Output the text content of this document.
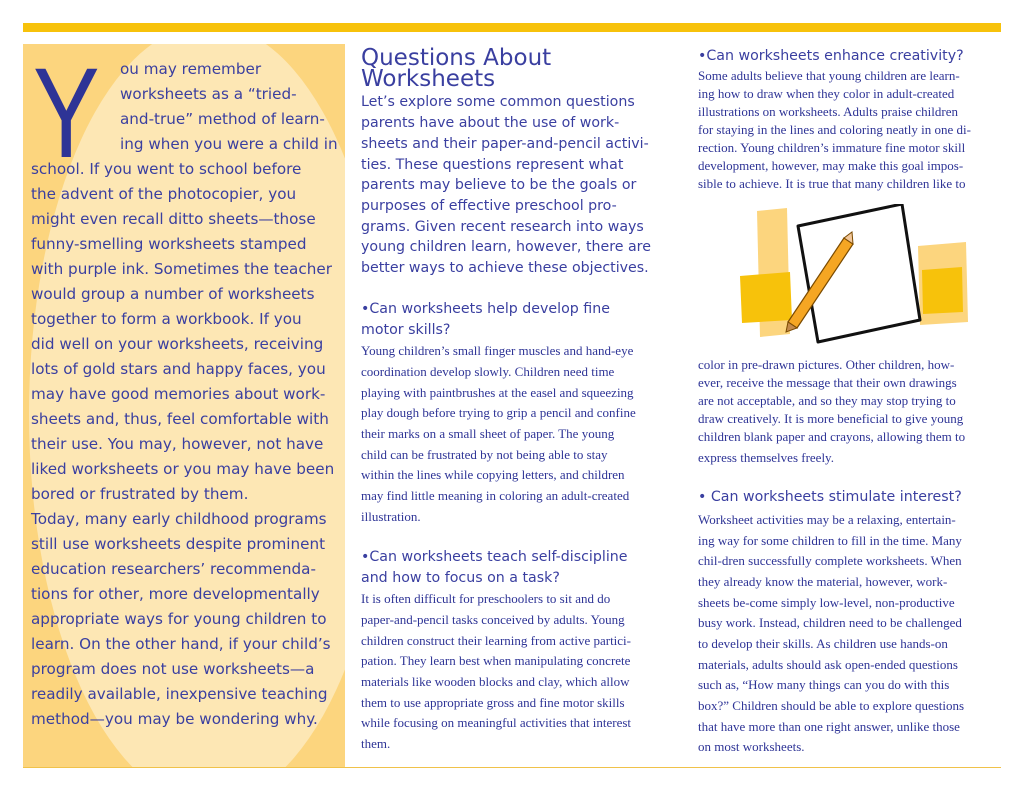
Y ou may remember
worksheets as a “tried-
and-true” method of learn-
ing when you were a child in
school. If you went to school before
the advent of the photocopier, you
might even recall ditto sheets—those
funny-smelling worksheets stamped
with purple ink. Sometimes the teacher
would group a number of worksheets
together to form a workbook. If you
did well on your worksheets, receiving
lots of gold stars and happy faces, you
may have good memories about work-
sheets and, thus, feel comfortable with
their use. You may, however, not have
liked worksheets or you may have been
bored or frustrated by them.
Today, many early childhood programs
still use worksheets despite prominent
education researchers’ recommenda-
tions for other, more developmentally
appropriate ways for young children to
learn. On the other hand, if your child’s
program does not use worksheets—a
readily available, inexpensive teaching
method—you may be wondering why.
Questions About
Worksheets
Let’s explore some common questions
parents have about the use of work-
sheets and their paper-and-pencil activi-
ties. These questions represent what
parents may believe to be the goals or
purposes of effective preschool pro-
grams. Given recent research into ways
young children learn, however, there are
better ways to achieve these objectives.
•Can worksheets help develop fine
motor skills?
Young children’s small finger muscles and hand-eye
coordination develop slowly. Children need time
playing with paintbrushes at the easel and squeezing
play dough before trying to grip a pencil and confine
their marks on a small sheet of paper. The young
child can be frustrated by not being able to stay
within the lines while copying letters, and children
may find little meaning in coloring an adult-created
illustration.
•Can worksheets teach self-discipline
and how to focus on a task?
It is often difficult for preschoolers to sit and do
paper-and-pencil tasks conceived by adults. Young
children construct their learning from active partici-
pation. They learn best when manipulating concrete
materials like wooden blocks and clay, which allow
them to use appropriate gross and fine motor skills
while focusing on meaningful activities that interest
them.
•Can worksheets enhance creativity?
Some adults believe that young children are learn-
ing how to draw when they color in adult-created
illustrations on worksheets. Adults praise children
for staying in the lines and coloring neatly in one di-
rection. Young children’s immature fine motor skill
development, however, may make this goal impos-
sible to achieve. It is true that many children like to
color in pre-drawn pictures. Other children, how-
ever, receive the message that their own drawings
are not acceptable, and so they may stop trying to
draw creatively. It is more beneficial to give young
children blank paper and crayons, allowing them to
express themselves freely.
• Can worksheets stimulate interest?
Worksheet activities may be a relaxing, entertain-
ing way for some children to fill in the time. Many
chil-dren successfully complete worksheets. When
they already know the material, however, work-
sheets be-come simply low-level, non-productive
busy work. Instead, children need to be challenged
to develop their skills. As children use hands-on
materials, adults should ask open-ended questions
such as, “How many things can you do with this
box?” Children should be able to explore questions
that have more than one right answer, unlike those
on most worksheets.
